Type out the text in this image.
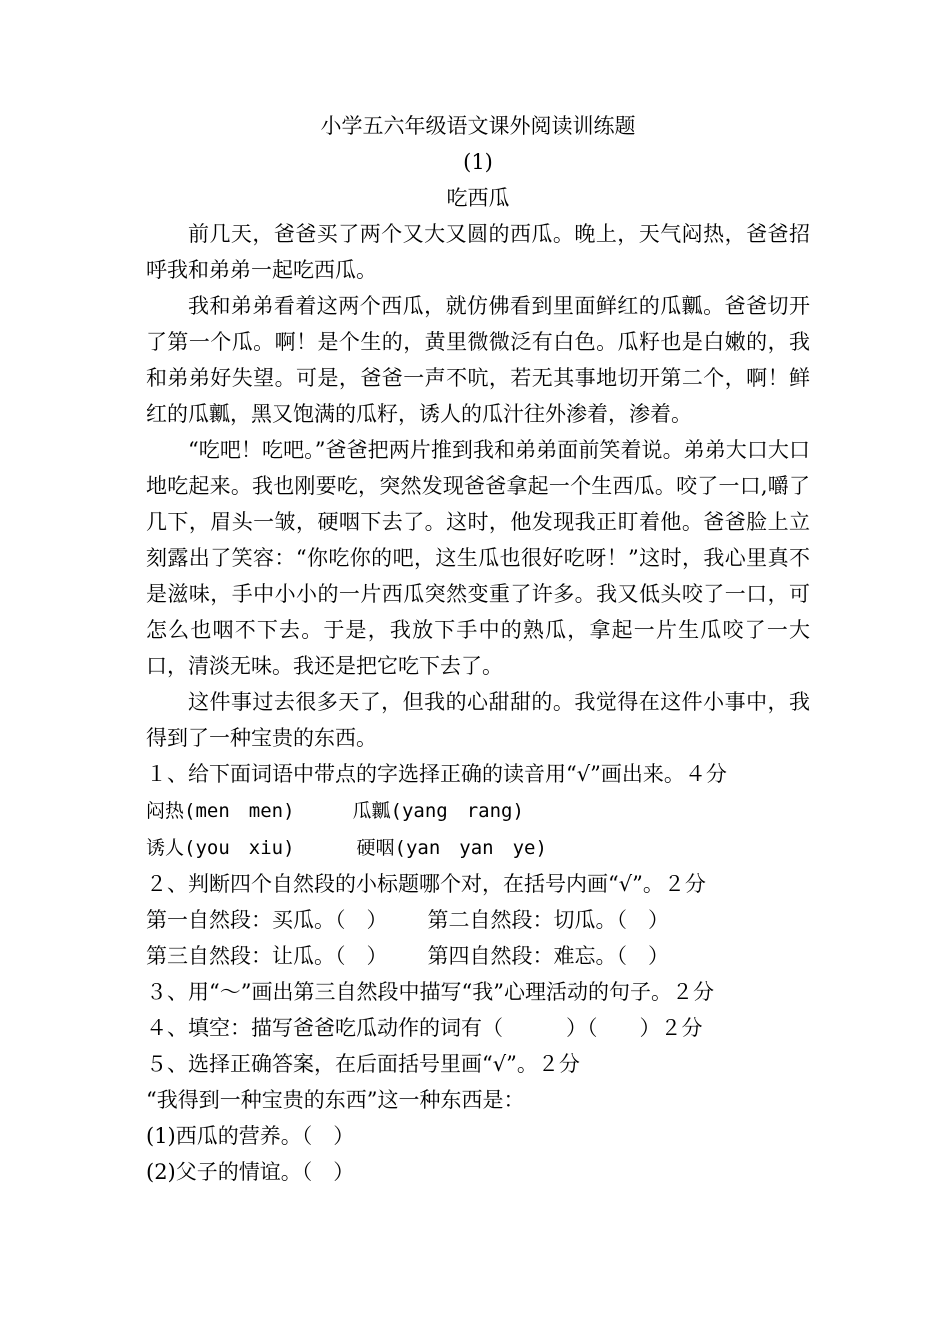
小学五六年级语文课外阅读训练题
(1)
吃西瓜

前几天，爸爸买了两个又大又圆的西瓜。晚上，天气闷热，爸爸招呼我和弟弟一起吃西瓜。

我和弟弟看着这两个西瓜，就仿佛看到里面鲜红的瓜瓤。爸爸切开了第一个瓜。啊！是个生的，黄里微微泛有白色。瓜籽也是白嫩的，我和弟弟好失望。可是，爸爸一声不吭，若无其事地切开第二个，啊！鲜红的瓜瓤，黑又饱满的瓜籽，诱人的瓜汁往外渗着，渗着。

“吃吧！吃吧。”爸爸把两片推到我和弟弟面前笑着说。弟弟大口大口地吃起来。我也刚要吃，突然发现爸爸拿起一个生西瓜。咬了一口,嚼了几下，眉头一皱，硬咽下去了。这时，他发现我正盯着他。爸爸脸上立刻露出了笑容：“你吃你的吧，这生瓜也很好吃呀！”这时，我心里真不是滋味，手中小小的一片西瓜突然变重了许多。我又低头咬了一口，可怎么也咽不下去。于是，我放下手中的熟瓜，拿起一片生瓜咬了一大口，清淡无味。我还是把它吃下去了。

这件事过去很多天了，但我的心甜甜的。我觉得在这件小事中，我得到了一种宝贵的东西。

１、给下面词语中带点的字选择正确的读音用“√”画出来。４分

闷热(men　men)	瓜瓤(yang　rang)

诱人(you　xiu)	硬咽(yan　yan　ye)

２、判断四个自然段的小标题哪个对，在括号内画“√”。２分

第一自然段：买瓜。（　） 第二自然段：切瓜。（　）

第三自然段：让瓜。（　） 第四自然段：难忘。（　）

３、用“～”画出第三自然段中描写“我”心理活动的句子。２分

４、填空：描写爸爸吃瓜动作的词有（　　　）（　　）２分

５、选择正确答案，在后面括号里画“√”。２分

“我得到一种宝贵的东西”这一种东西是：

(1)西瓜的营养。（　）

(2)父子的情谊。（　）
